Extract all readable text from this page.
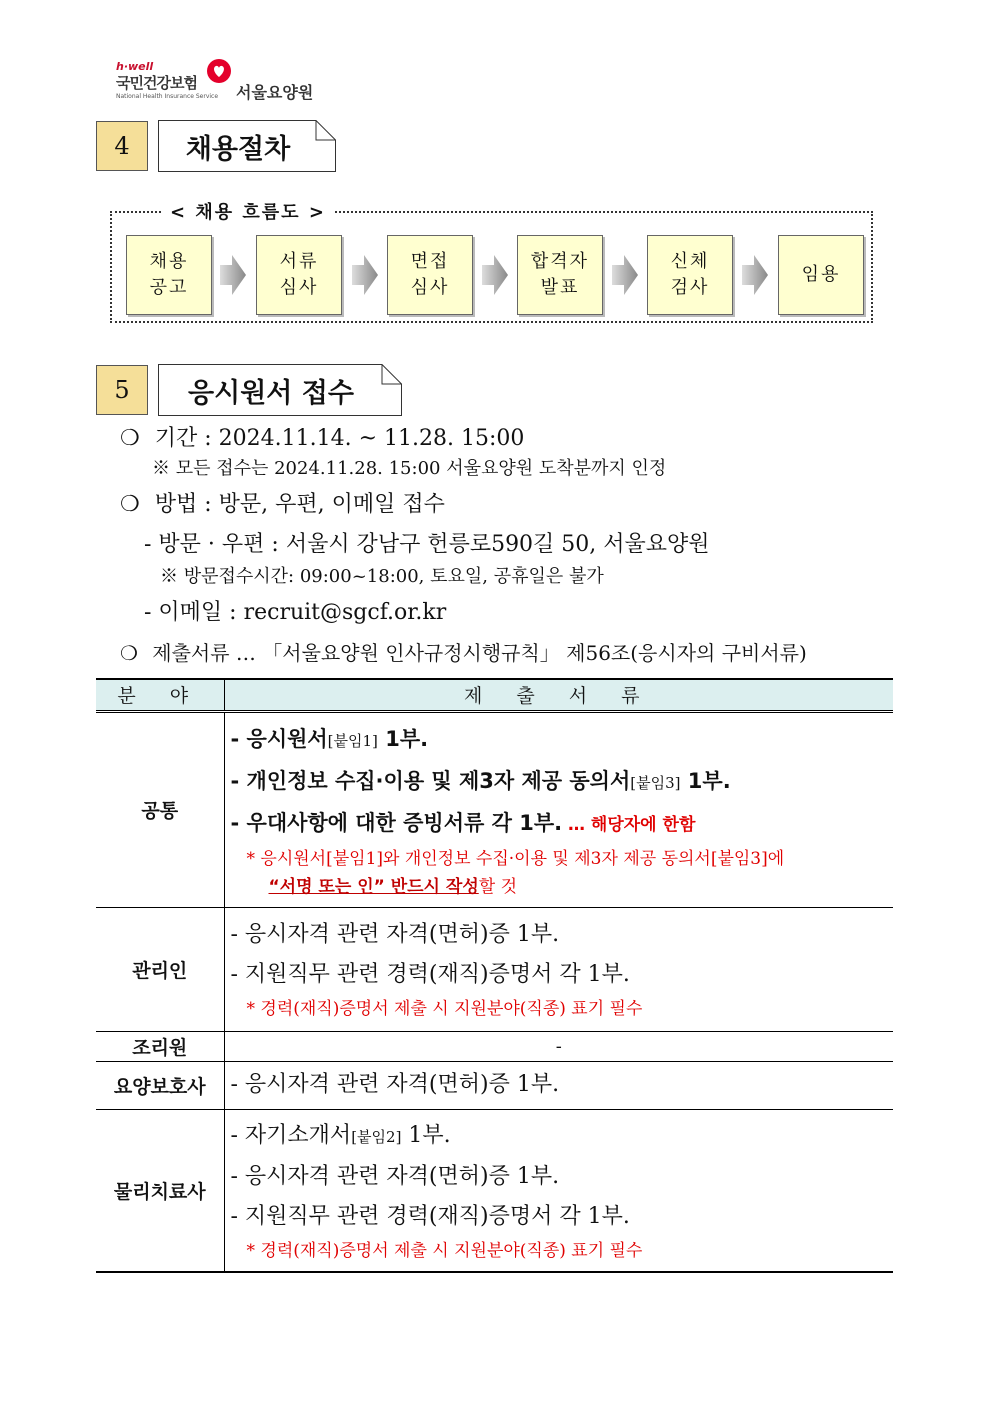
h·well
국민건강보험
National Health Insurance Service 서울요양원
4	채용절차
< 채용 흐름도 >
채용
공고
서류
심사
면접
심사
합격자
발표
신체
검사
임용
5	응시원서 접수
❍ 기간 : 2024.11.14. ~ 11.28. 15:00
※ 모든 접수는 2024.11.28. 15:00 서울요양원 도착분까지 인정
❍ 방법 : 방문, 우편, 이메일 접수
- 방문 · 우편 : 서울시 강남구 헌릉로590길 50, 서울요양원
※ 방문접수시간: 09:00~18:00, 토요일, 공휴일은 불가
- 이메일 : recruit@sgcf.or.kr
❍ 제출서류 … 「서울요양원 인사규정시행규칙」 제56조(응시자의 구비서류)
분 야	제 출 서 류
공통	- 응시원서[붙임1] 1부.
- 개인정보 수집·이용 및 제3자 제공 동의서[붙임3] 1부.
- 우대사항에 대한 증빙서류 각 1부. … 해당자에 한함
* 응시원서[붙임1]와 개인정보 수집·이용 및 제3자 제공 동의서[붙임3]에
“서명 또는 인” 반드시 작성할 것

관리인	- 응시자격 관련 자격(면허)증 1부.
- 지원직무 관련 경력(재직)증명서 각 1부.
* 경력(재직)증명서 제출 시 지원분야(직종) 표기 필수

조리원	-
요양보호사	- 응시자격 관련 자격(면허)증 1부.

물리치료사	- 자기소개서[붙임2] 1부.
- 응시자격 관련 자격(면허)증 1부.
- 지원직무 관련 경력(재직)증명서 각 1부.
* 경력(재직)증명서 제출 시 지원분야(직종) 표기 필수
